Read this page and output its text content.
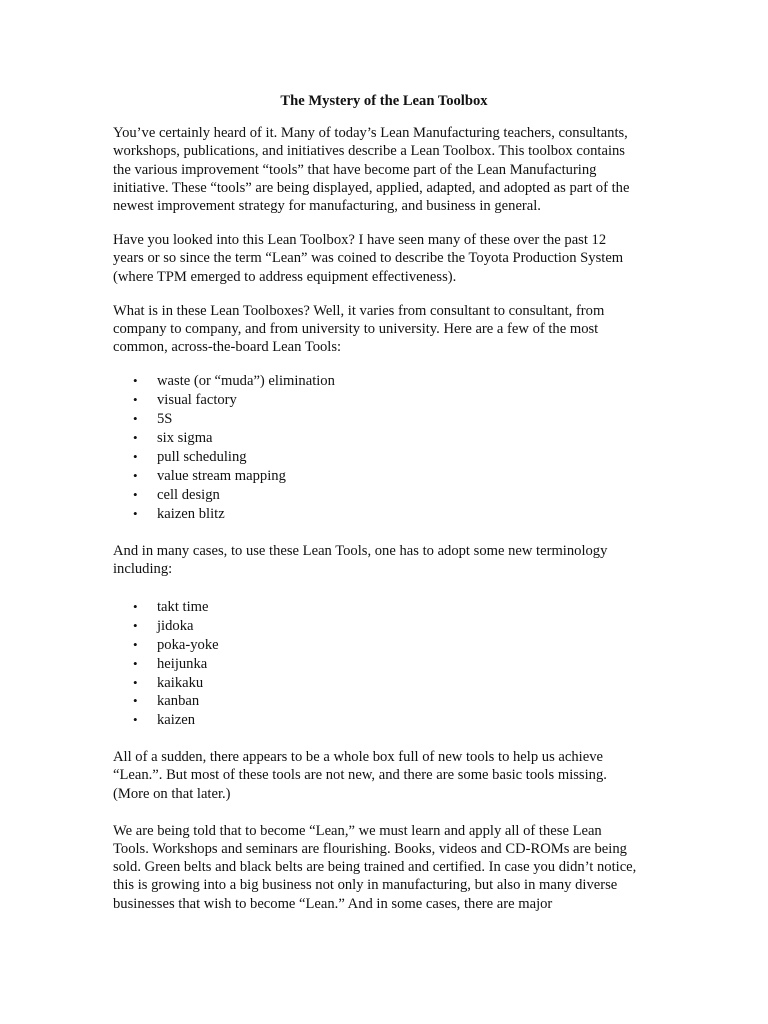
The Mystery of the Lean Toolbox

You’ve certainly heard of it. Many of today’s Lean Manufacturing teachers, consultants,
workshops, publications, and initiatives describe a Lean Toolbox. This toolbox contains
the various improvement “tools” that have become part of the Lean Manufacturing
initiative. These “tools” are being displayed, applied, adapted, and adopted as part of the
newest improvement strategy for manufacturing, and business in general.

Have you looked into this Lean Toolbox? I have seen many of these over the past 12
years or so since the term “Lean” was coined to describe the Toyota Production System
(where TPM emerged to address equipment effectiveness).

What is in these Lean Toolboxes? Well, it varies from consultant to consultant, from
company to company, and from university to university. Here are a few of the most
common, across-the-board Lean Tools:

• waste (or “muda”) elimination
• visual factory
• 5S
• six sigma
• pull scheduling
• value stream mapping
• cell design
• kaizen blitz

And in many cases, to use these Lean Tools, one has to adopt some new terminology
including:

• takt time
• jidoka
• poka-yoke
• heijunka
• kaikaku
• kanban
• kaizen

All of a sudden, there appears to be a whole box full of new tools to help us achieve
“Lean.”. But most of these tools are not new, and there are some basic tools missing.
(More on that later.)

We are being told that to become “Lean,” we must learn and apply all of these Lean
Tools. Workshops and seminars are flourishing. Books, videos and CD-ROMs are being
sold. Green belts and black belts are being trained and certified. In case you didn’t notice,
this is growing into a big business not only in manufacturing, but also in many diverse
businesses that wish to become “Lean.” And in some cases, there are major
